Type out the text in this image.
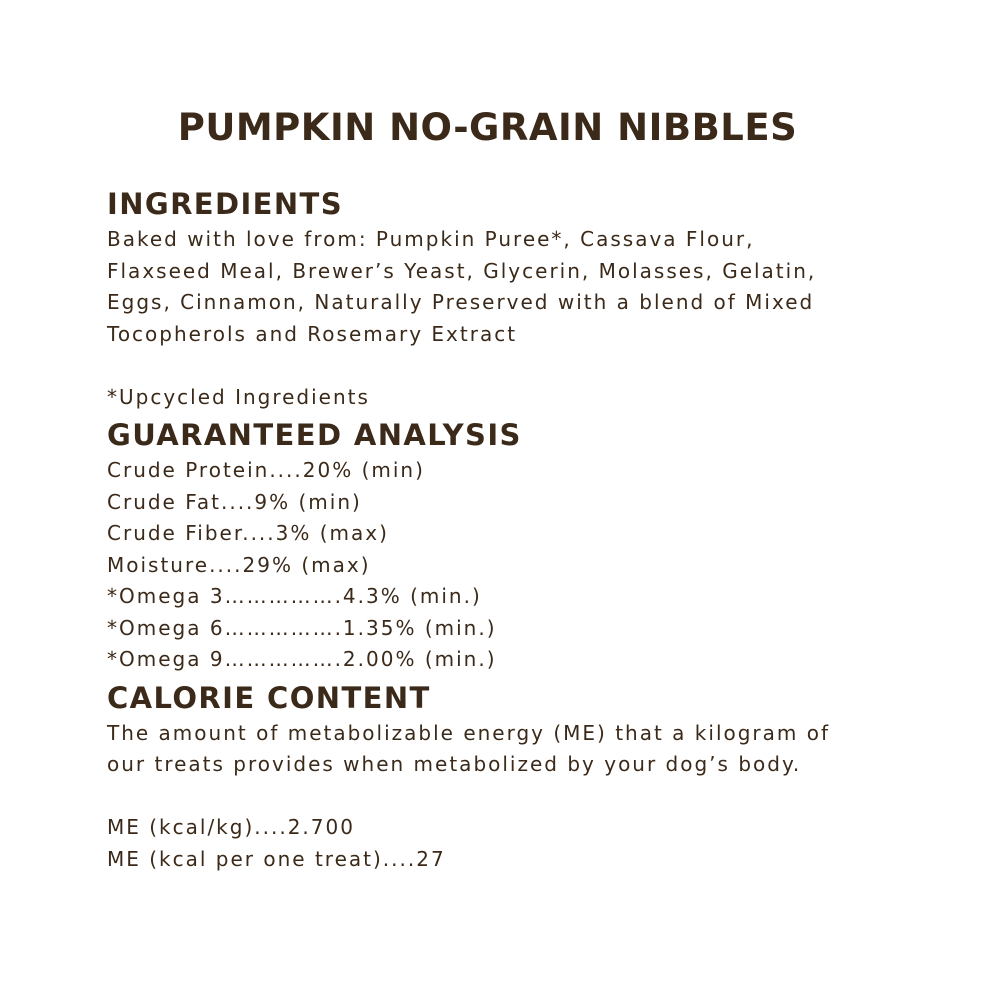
PUMPKIN NO-GRAIN NIBBLES
INGREDIENTS

Baked with love from: Pumpkin Puree*, Cassava Flour,
Flaxseed Meal, Brewer’s Yeast, Glycerin, Molasses, Gelatin,
Eggs, Cinnamon, Naturally Preserved with a blend of Mixed
Tocopherols and Rosemary Extract

*Upcycled Ingredients

GUARANTEED ANALYSIS

Crude Protein....20% (min)
Crude Fat....9% (min)
Crude Fiber....3% (max)
Moisture....29% (max)
*Omega 3…………….4.3% (min.)
*Omega 6…………….1.35% (min.)
*Omega 9…………….2.00% (min.)

CALORIE CONTENT

The amount of metabolizable energy (ME) that a kilogram of
our treats provides when metabolized by your dog’s body.

ME (kcal/kg)....2.700
ME (kcal per one treat)....27
